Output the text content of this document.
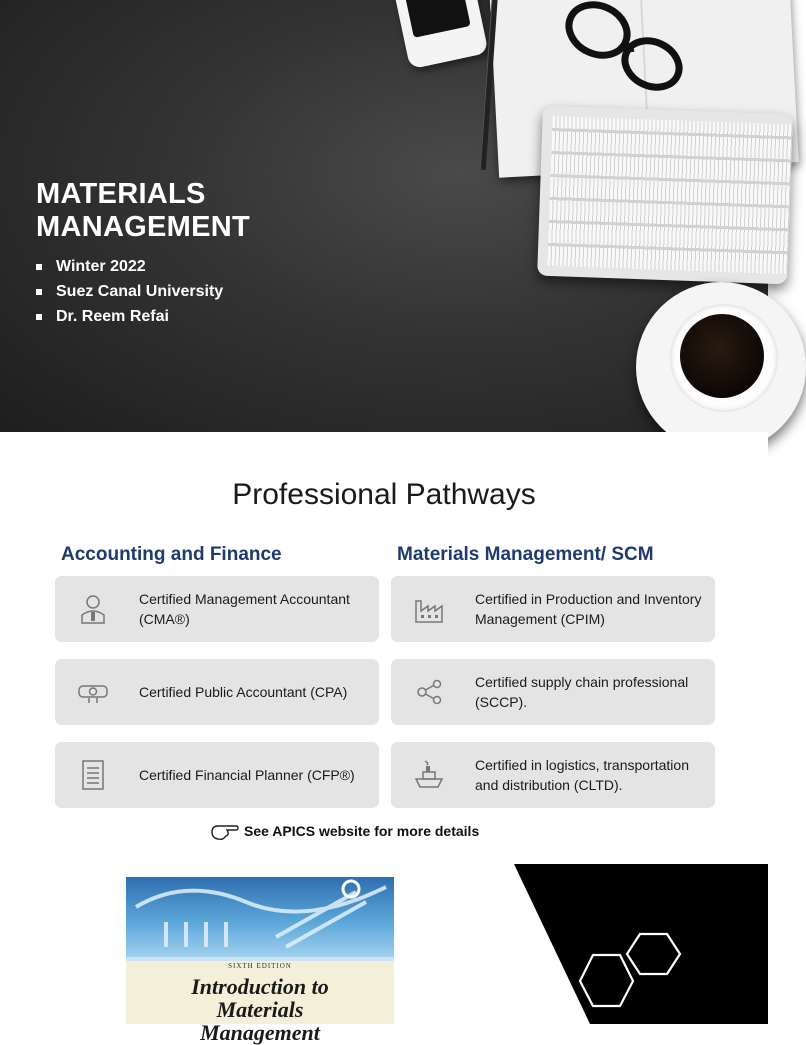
MATERIALS
MANAGEMENT
Winter 2022
Suez Canal University
Dr. Reem Refai
Professional Pathways
Accounting and Finance	Materials Management/ SCM
Certified Management Accountant (CMA®)
Certified Public Accountant (CPA)
Certified Financial Planner (CFP®)
Certified in Production and Inventory Management (CPIM)
Certified supply chain professional (SCCP).
Certified in logistics, transportation and distribution (CLTD).
See APICS website for more details
SIXTH EDITION
Introduction to
Materials
Management
